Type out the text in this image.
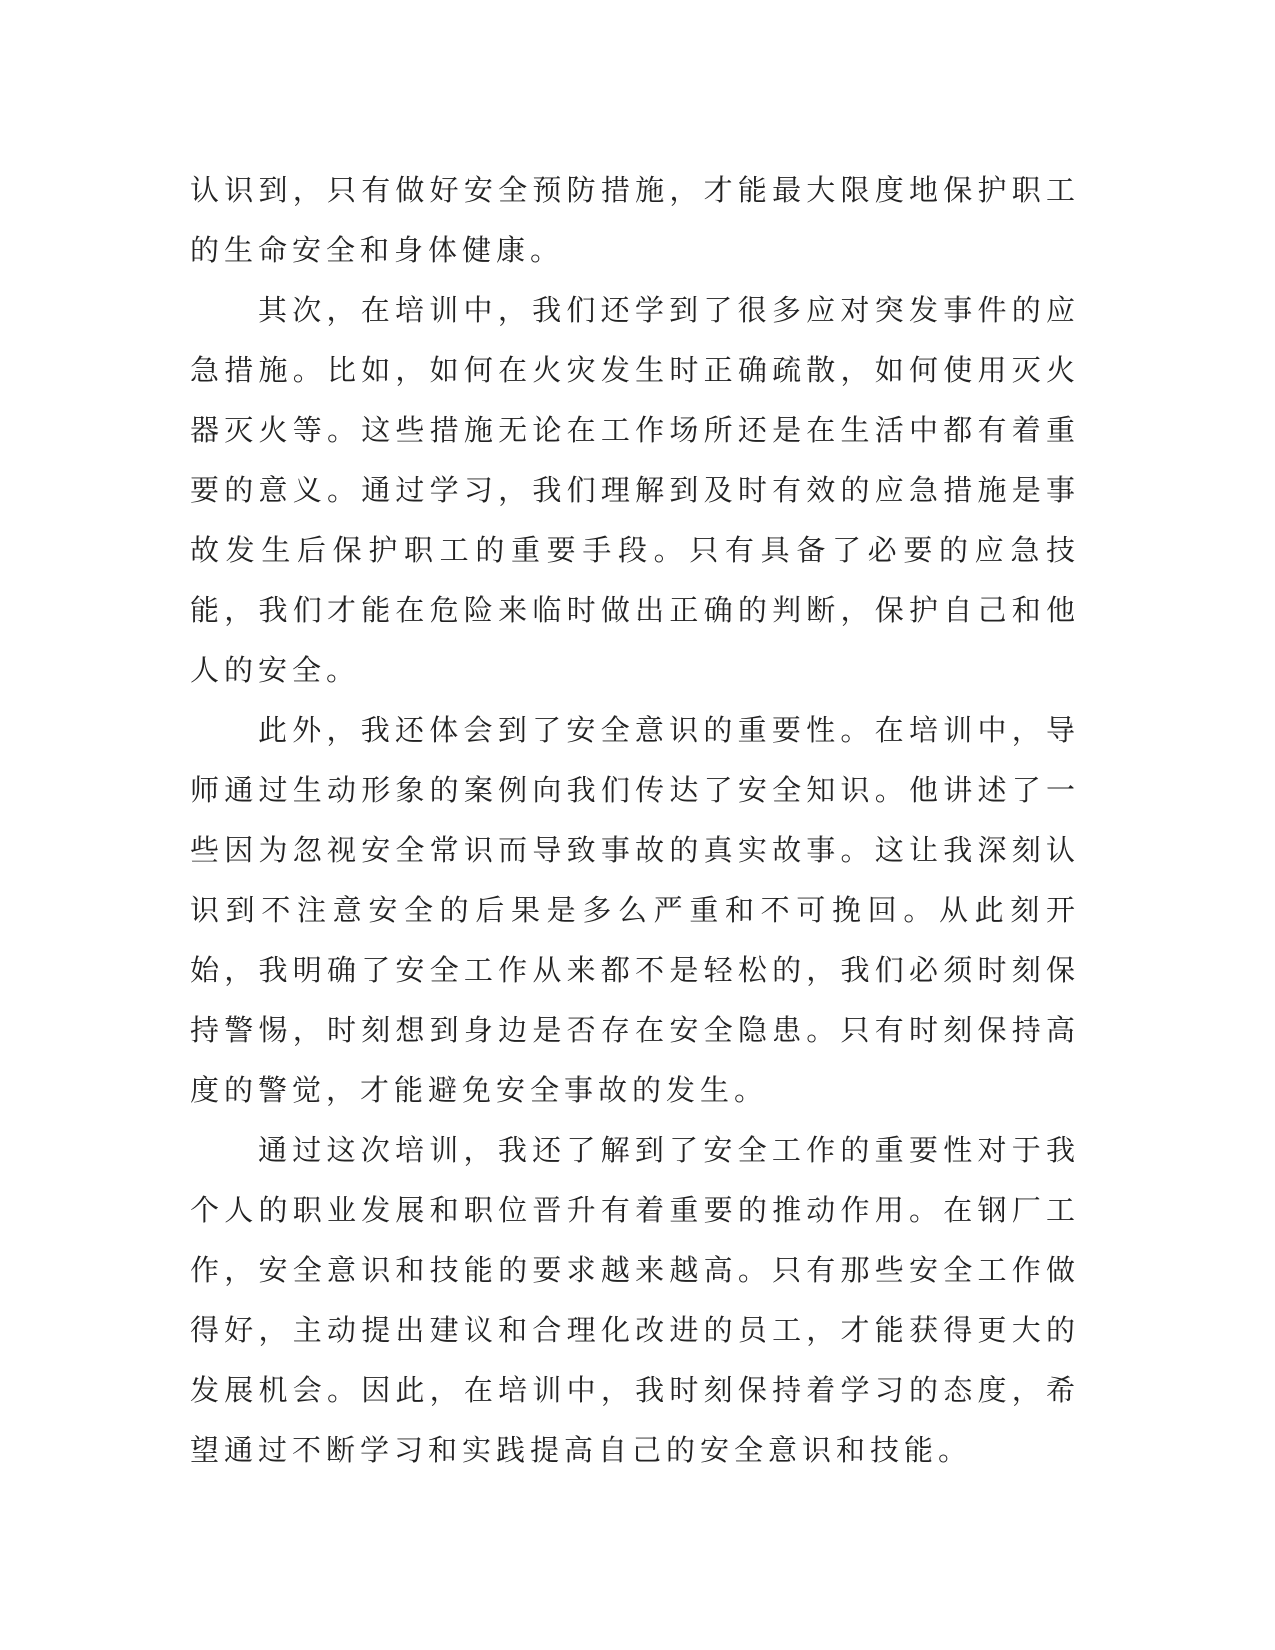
认识到，只有做好安全预防措施，才能最大限度地保护职工的生命安全和身体健康。

其次，在培训中，我们还学到了很多应对突发事件的应急措施。比如，如何在火灾发生时正确疏散，如何使用灭火器灭火等。这些措施无论在工作场所还是在生活中都有着重要的意义。通过学习，我们理解到及时有效的应急措施是事故发生后保护职工的重要手段。只有具备了必要的应急技能，我们才能在危险来临时做出正确的判断，保护自己和他人的安全。

此外，我还体会到了安全意识的重要性。在培训中，导师通过生动形象的案例向我们传达了安全知识。他讲述了一些因为忽视安全常识而导致事故的真实故事。这让我深刻认识到不注意安全的后果是多么严重和不可挽回。从此刻开始，我明确了安全工作从来都不是轻松的，我们必须时刻保持警惕，时刻想到身边是否存在安全隐患。只有时刻保持高度的警觉，才能避免安全事故的发生。

通过这次培训，我还了解到了安全工作的重要性对于我个人的职业发展和职位晋升有着重要的推动作用。在钢厂工作，安全意识和技能的要求越来越高。只有那些安全工作做得好，主动提出建议和合理化改进的员工，才能获得更大的发展机会。因此，在培训中，我时刻保持着学习的态度，希望通过不断学习和实践提高自己的安全意识和技能。
